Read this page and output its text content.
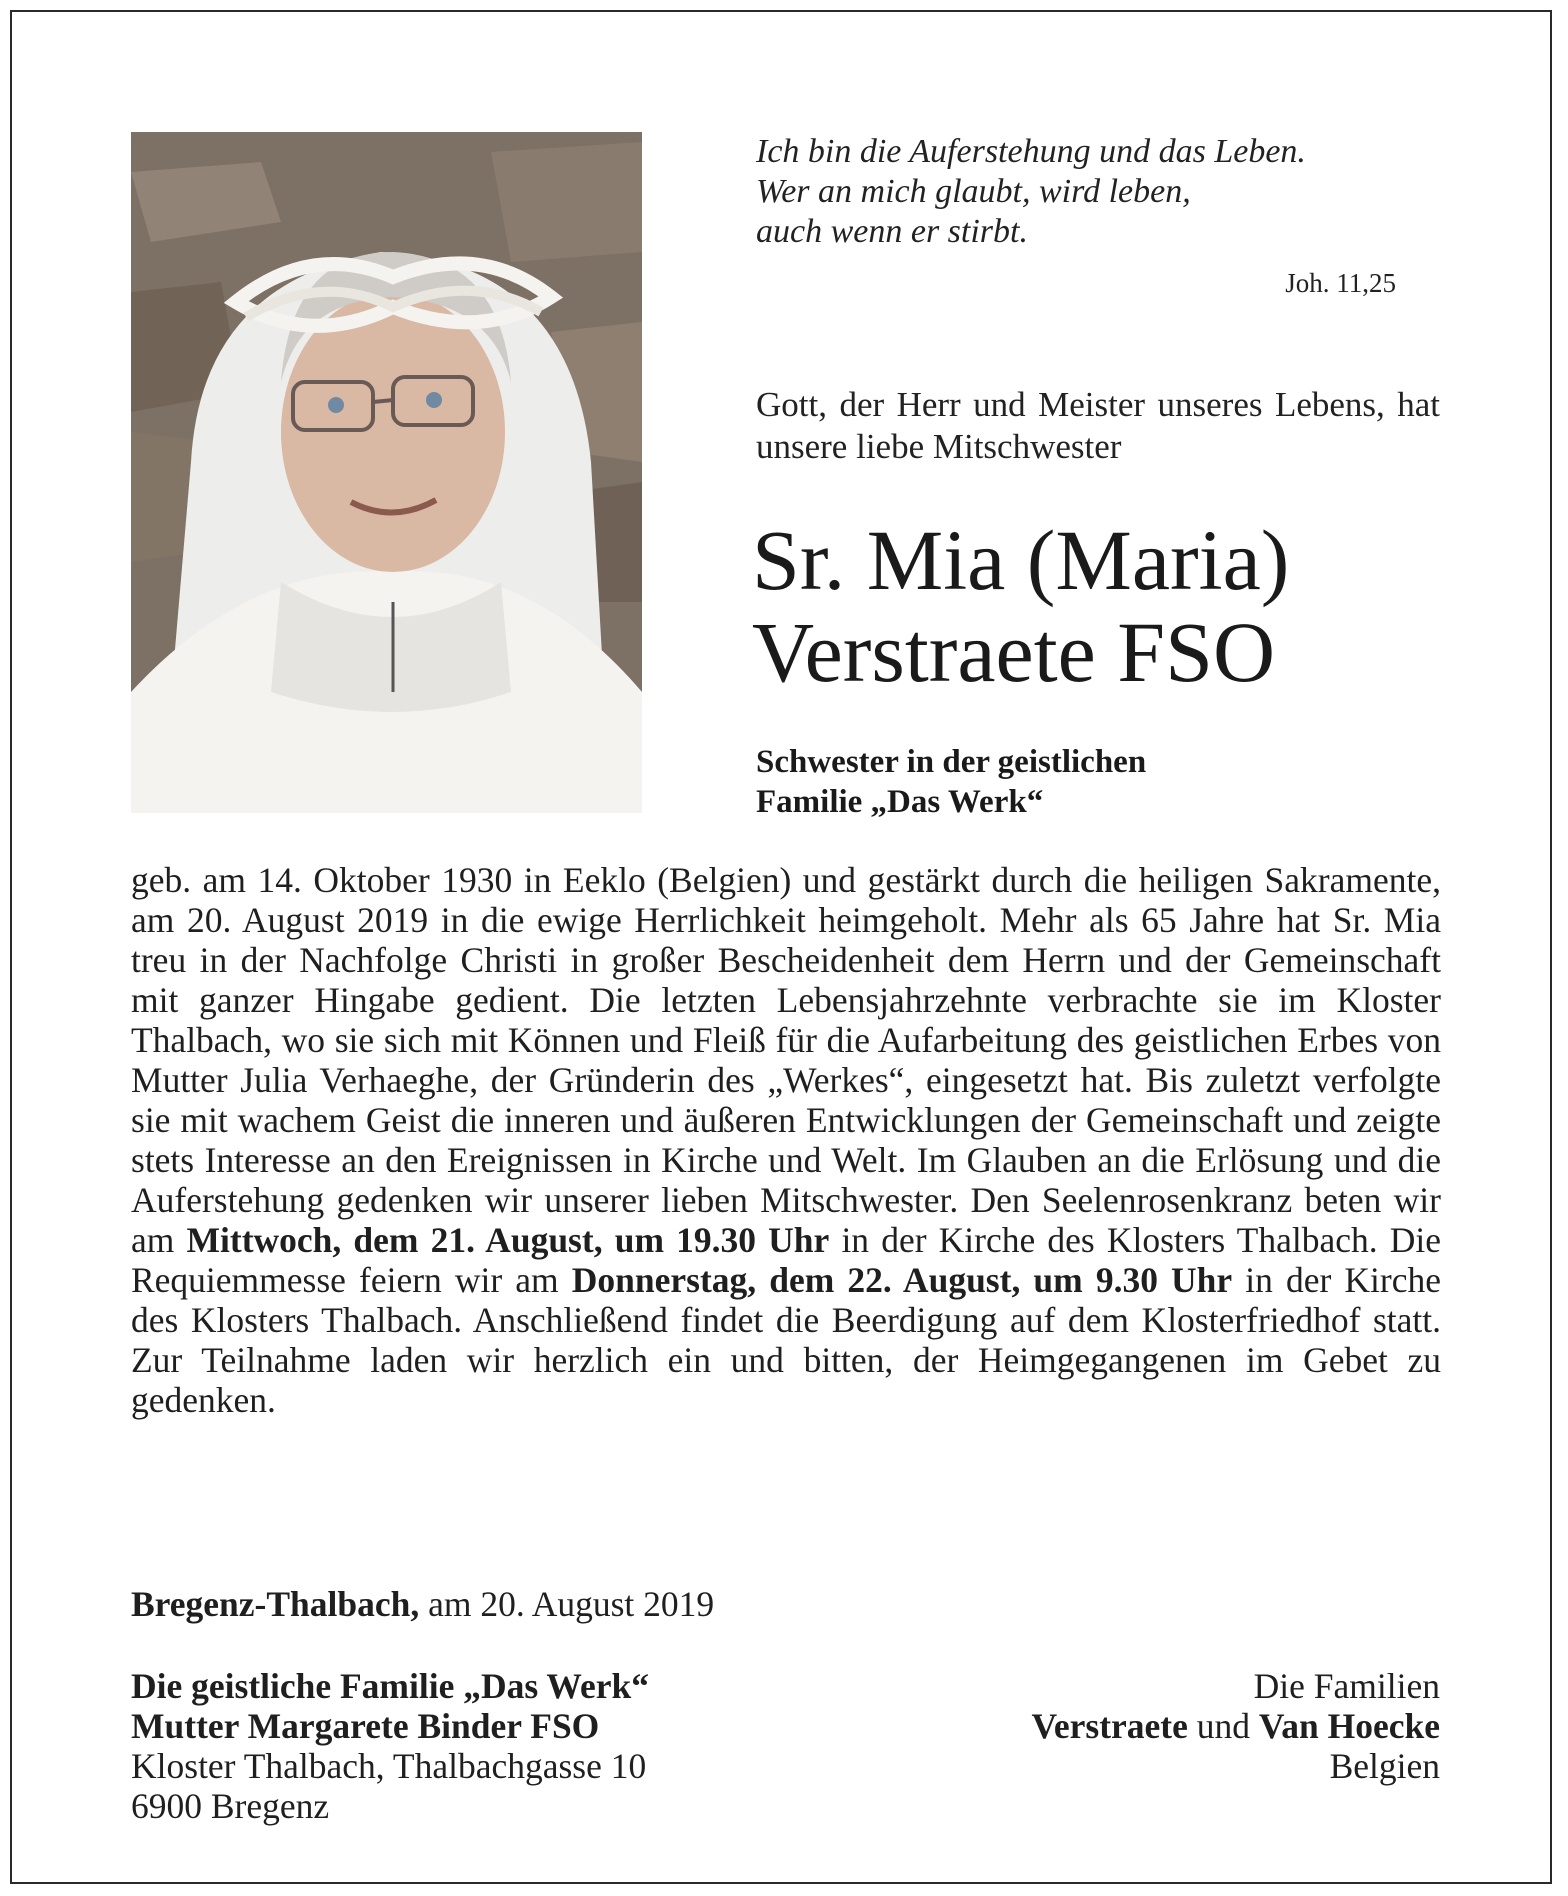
Ich bin die Auferstehung und das Leben.
Wer an mich glaubt, wird leben,
auch wenn er stirbt.
Joh. 11,25
Gott, der Herr und Meister unseres Lebens, hat unsere liebe Mitschwester
Sr. Mia (Maria)
Verstraete FSO
Schwester in der geistlichen
Familie „Das Werk“
geb. am 14. Oktober 1930 in Eeklo (Belgien) und gestärkt durch die heiligen Sakramente, am 20. August 2019 in die ewige Herrlichkeit heimgeholt. Mehr als 65 Jahre hat Sr. Mia treu in der Nachfolge Christi in großer Bescheidenheit dem Herrn und der Gemeinschaft mit ganzer Hingabe gedient. Die letzten Lebensjahrzehnte verbrachte sie im Kloster Thalbach, wo sie sich mit Können und Fleiß für die Aufarbeitung des geistlichen Erbes von Mutter Julia Verhaeghe, der Gründerin des „Werkes“, eingesetzt hat. Bis zuletzt verfolgte sie mit wachem Geist die inneren und äußeren Entwicklungen der Gemeinschaft und zeigte stets Interesse an den Ereignissen in Kirche und Welt. Im Glauben an die Erlösung und die Auferstehung gedenken wir unserer lieben Mitschwester. Den Seelenrosenkranz beten wir am Mittwoch, dem 21. August, um 19.30 Uhr in der Kirche des Klosters Thalbach. Die Requiemmesse feiern wir am Donnerstag, dem 22. August, um 9.30 Uhr in der Kirche des Klosters Thalbach. Anschließend findet die Beerdigung auf dem Klosterfriedhof statt. Zur Teilnahme laden wir herzlich ein und bitten, der Heimgegangenen im Gebet zu gedenken.
Bregenz-Thalbach, am 20. August 2019
Die geistliche Familie „Das Werk“
Mutter Margarete Binder FSO
Kloster Thalbach, Thalbachgasse 10
6900 Bregenz
Die Familien
Verstraete und Van Hoecke
Belgien
